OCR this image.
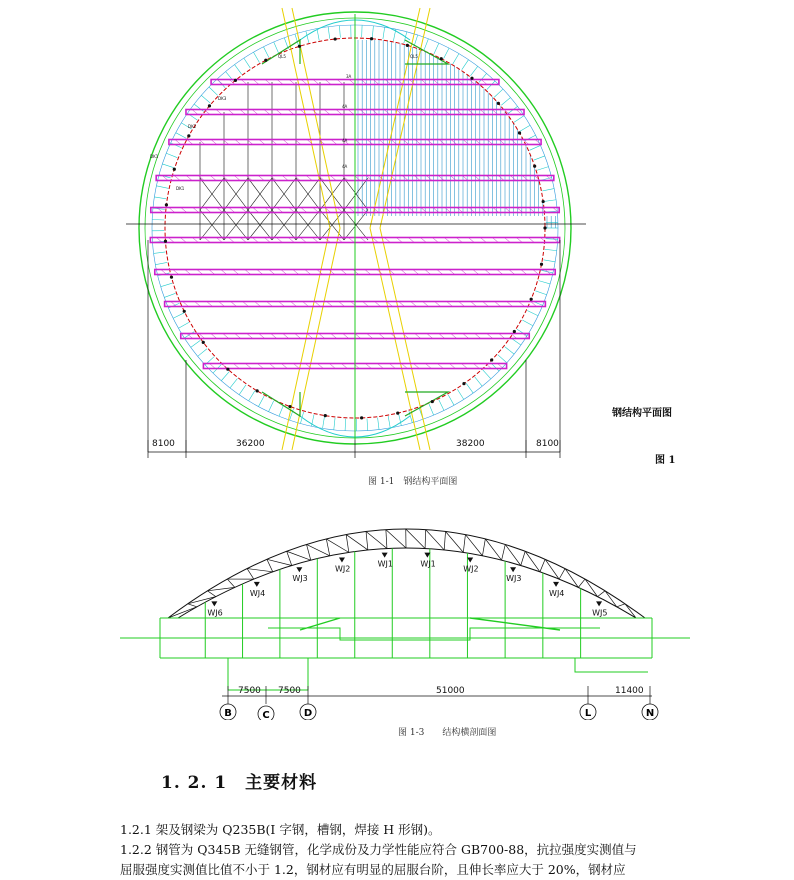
DK3
DK2
DK1
DK1
3A
4A
4A
4A
QL5	QL5
8100	36200	38200	8100
钢结构平面图
图 1
图 1-1　钢结构平面图
WJ6
WJ4
WJ3
WJ2
WJ1	WJ1
WJ2
WJ3
WJ4
WJ5
7500 7500	51000	11400
B	C	D	L	N
图 1-3　　结构横剖面图
1. 2. 1　主要材料
1.2.1 架及钢梁为 Q235B(I 字钢，槽钢，焊接 H 形钢)。
1.2.2 钢管为 Q345B 无缝钢管，化学成份及力学性能应符合 GB700-88，抗拉强度实测值与
屈服强度实测值比值不小于 1.2，钢材应有明显的屈服台阶，且伸长率应大于 20%，钢材应
